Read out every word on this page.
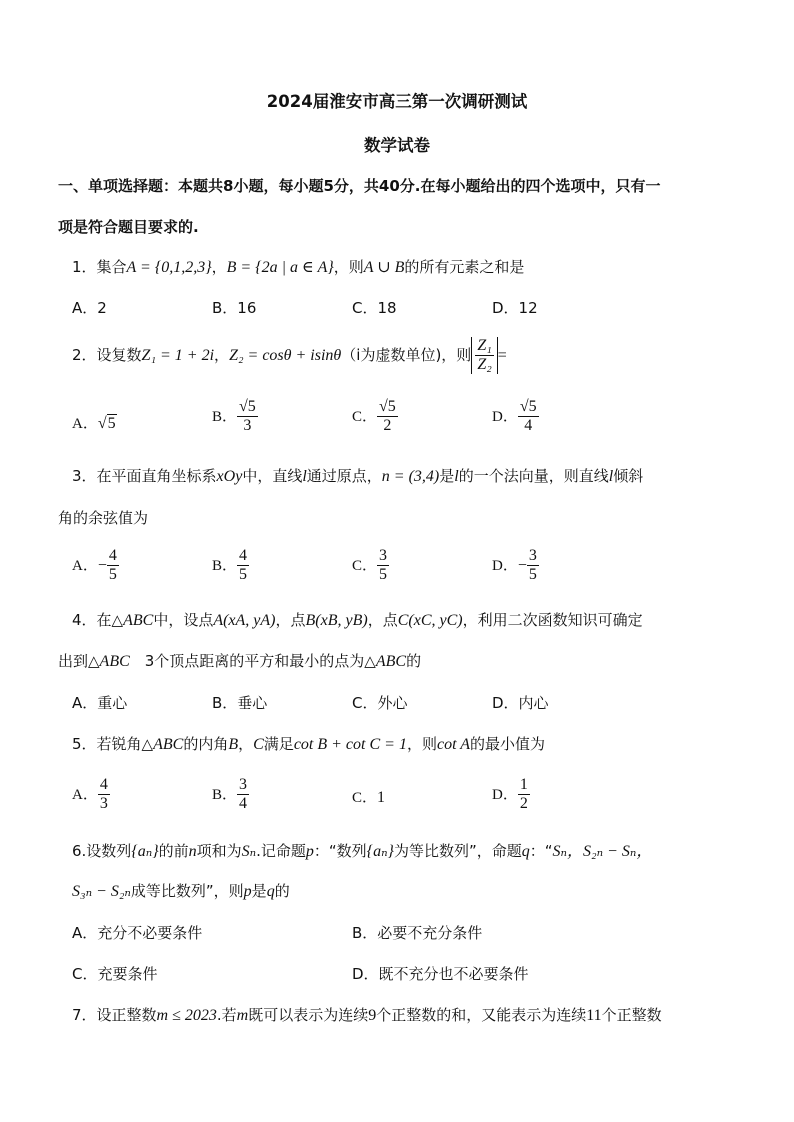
2024届淮安市高三第一次调研测试
数学试卷
一、单项选择题：本题共8小题，每小题5分，共40分.在每小题给出的四个选项中，只有一
项是符合题目要求的.
1．集合A = {0,1,2,3}，B = {2a | a ∈ A}，则A ∪ B的所有元素之和是
A．2	B．16	C．18	D．12
2．设复数Z₁ = 1 + 2i，Z₂ = cosθ + isinθ（i为虚数单位)，则 $\frac{\text{Z₁}}{\text{Z₂}}$ =
A．√5	B． $\frac{√5}{3}$	C． $\frac{√5}{2}$	D． $\frac{√5}{4}$
3．在平面直角坐标系xOy中，直线l通过原点，n = (3,4)是l的一个法向量，则直线l倾斜
角的余弦值为
A．− $\frac{4}{5}$	B． $\frac{4}{5}$	C． $\frac{3}{5}$	D．− $\frac{3}{5}$
4．在△ABC中，设点A(xA, yA)，点B(xB, yB)，点C(xC, yC)，利用二次函数知识可确定
出到△ABC　3个顶点距离的平方和最小的点为△ABC的
A．重心	B．垂心	C．外心	D．内心
5．若锐角△ABC的内角B，C满足cot B + cot C = 1，则cot A的最小值为
A． $\frac{4}{3}$	B． $\frac{3}{4}$	C．1	D． $\frac{1}{2}$
6.设数列{aₙ}的前n项和为Sₙ.记命题p：“数列{aₙ}为等比数列”，命题q：“Sₙ，S₂ₙ − Sₙ，
S₃ₙ − S₂ₙ成等比数列”，则p是q的
A．充分不必要条件	B．必要不充分条件
C．充要条件	D．既不充分也不必要条件
7．设正整数m ≤ 2023.若m既可以表示为连续9个正整数的和，又能表示为连续11个正整数
